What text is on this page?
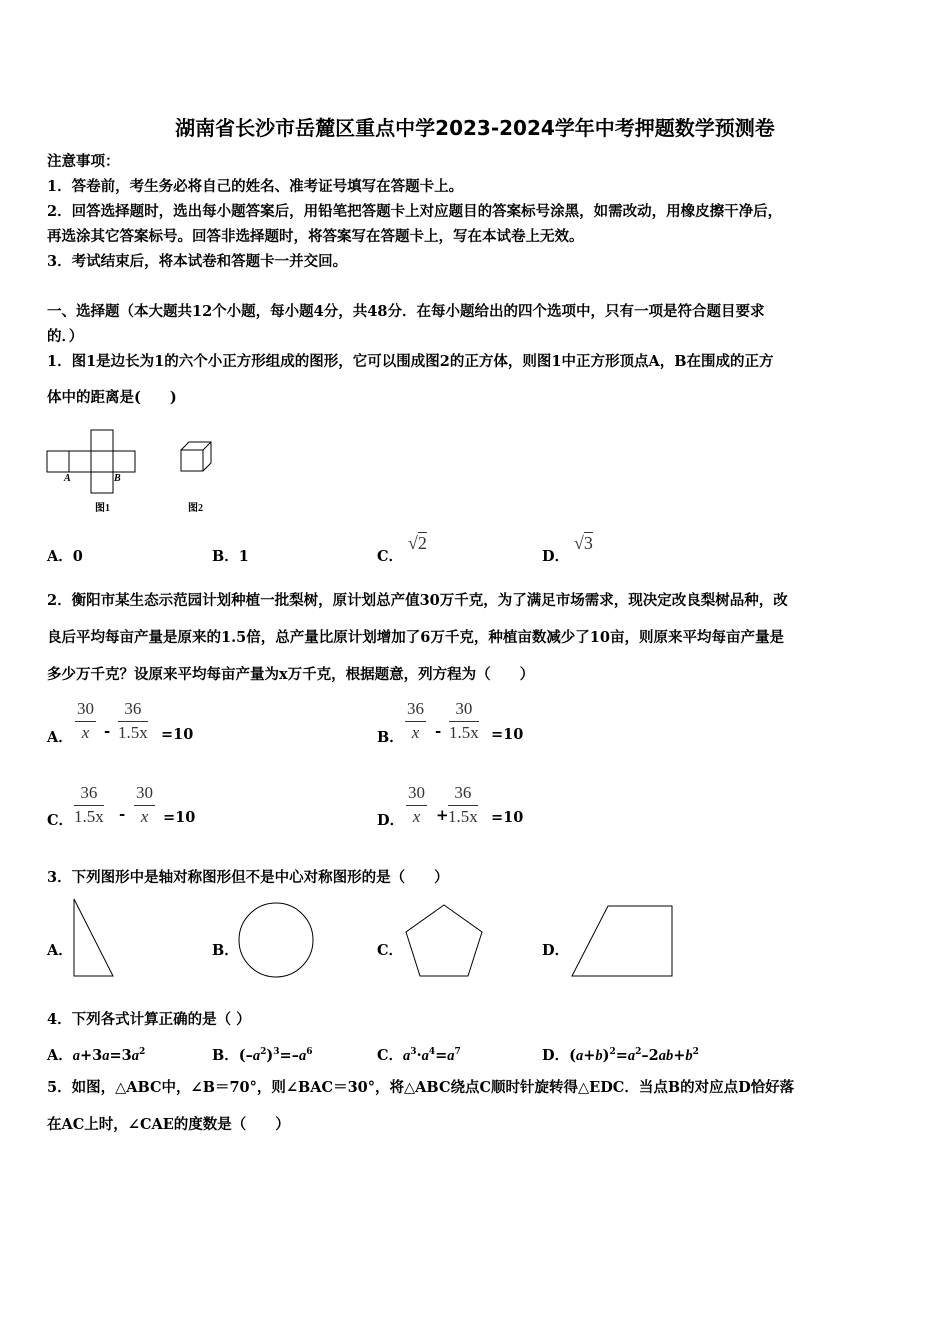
湖南省长沙市岳麓区重点中学2023-2024学年中考押题数学预测卷
注意事项：
1．答卷前，考生务必将自己的姓名、准考证号填写在答题卡上。
2．回答选择题时，选出每小题答案后，用铅笔把答题卡上对应题目的答案标号涂黑，如需改动，用橡皮擦干净后，
再选涂其它答案标号。回答非选择题时，将答案写在答题卡上，写在本试卷上无效。
3．考试结束后，将本试卷和答题卡一并交回。
一、选择题（本大题共12个小题，每小题4分，共48分．在每小题给出的四个选项中，只有一项是符合题目要求
的．）
1．图1是边长为1的六个小正方形组成的图形，它可以围成图2的正方体，则图1中正方形顶点A，B在围成的正方
体中的距离是(　　)
A	B
图1	图2
A．0	B．1	C．
√2
D．
√3
2．衡阳市某生态示范园计划种植一批梨树，原计划总产值30万千克，为了满足市场需求，现决定改良梨树品种，改
良后平均每亩产量是原来的1.5倍，总产量比原计划增加了6万千克，种植亩数减少了10亩，则原来平均每亩产量是
多少万千克？设原来平均每亩产量为x万千克，根据题意，列方程为（　　）
A． $\frac{30}{x} - \frac{36}{1.5x} =10$	B． $\frac{36}{x} - \frac{30}{1.5x} =10$
C． $\frac{36}{1.5x} - \frac{30}{x} =10$	D． $\frac{30}{x} + \frac{36}{1.5x} =10$
3．下列图形中是轴对称图形但不是中心对称图形的是（　　）
A．	B．	C．	D．
4．下列各式计算正确的是（ ）
A．$a+3a=3a^2$	B．$(-a^2)^3=-a^6$	C．$a^3\cdot a^4=a^7$	D．$(a+b)^2=a^2-2ab+b^2$
5．如图，△ABC中，∠B＝70°，则∠BAC＝30°，将△ABC绕点C顺时针旋转得△EDC．当点B的对应点D恰好落
在AC上时，∠CAE的度数是（　　）
